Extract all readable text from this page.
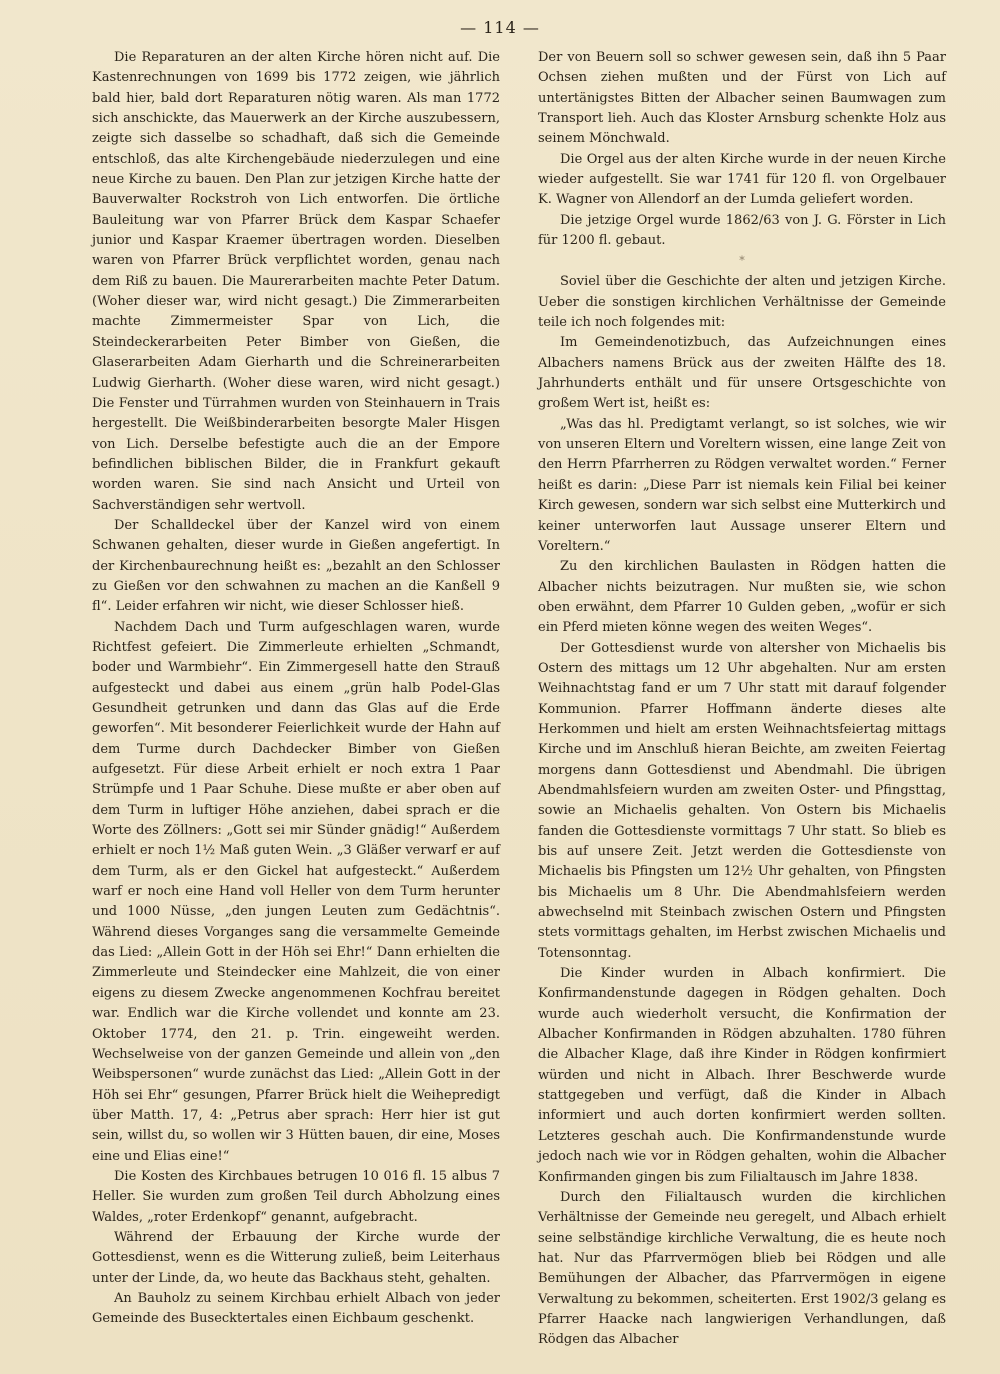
— 114 —

Die Reparaturen an der alten Kirche hören nicht auf. Die Kastenrechnungen von 1699 bis 1772 zeigen, wie jährlich bald hier, bald dort Reparaturen nötig waren. Als man 1772 sich anschickte, das Mauerwerk an der Kirche auszubessern, zeigte sich dasselbe so schadhaft, daß sich die Gemeinde entschloß, das alte Kirchengebäude niederzulegen und eine neue Kirche zu bauen. Den Plan zur jetzigen Kirche hatte der Bauverwalter Rockstroh von Lich entworfen. Die örtliche Bauleitung war von Pfarrer Brück dem Kaspar Schaefer junior und Kaspar Kraemer übertragen worden. Dieselben waren von Pfarrer Brück verpflichtet worden, genau nach dem Riß zu bauen. Die Maurerarbeiten machte Peter Datum. (Woher dieser war, wird nicht gesagt.) Die Zimmerarbeiten machte Zimmermeister Spar von Lich, die Steindeckerarbeiten Peter Bimber von Gießen, die Glaserarbeiten Adam Gierharth und die Schreinerarbeiten Ludwig Gierharth. (Woher diese waren, wird nicht gesagt.) Die Fenster und Türrahmen wurden von Steinhauern in Trais hergestellt. Die Weißbinderarbeiten besorgte Maler Hisgen von Lich. Derselbe befestigte auch die an der Empore befindlichen biblischen Bilder, die in Frankfurt gekauft worden waren. Sie sind nach Ansicht und Urteil von Sachverständigen sehr wertvoll.

Der Schalldeckel über der Kanzel wird von einem Schwanen gehalten, dieser wurde in Gießen angefertigt. In der Kirchenbaurechnung heißt es: „bezahlt an den Schlosser zu Gießen vor den schwahnen zu machen an die Kanßell 9 fl“. Leider erfahren wir nicht, wie dieser Schlosser hieß.

Nachdem Dach und Turm aufgeschlagen waren, wurde Richtfest gefeiert. Die Zimmerleute erhielten „Schmandt, boder und Warmbiehr“. Ein Zimmergesell hatte den Strauß aufgesteckt und dabei aus einem „grün halb Podel-Glas Gesundheit getrunken und dann das Glas auf die Erde geworfen“. Mit besonderer Feierlichkeit wurde der Hahn auf dem Turme durch Dachdecker Bimber von Gießen aufgesetzt. Für diese Arbeit erhielt er noch extra 1 Paar Strümpfe und 1 Paar Schuhe. Diese mußte er aber oben auf dem Turm in luftiger Höhe anziehen, dabei sprach er die Worte des Zöllners: „Gott sei mir Sünder gnädig!“ Außerdem erhielt er noch 1½ Maß guten Wein. „3 Gläßer verwarf er auf dem Turm, als er den Gickel hat aufgesteckt.“ Außerdem warf er noch eine Hand voll Heller von dem Turm herunter und 1000 Nüsse, „den jungen Leuten zum Gedächtnis“. Während dieses Vorganges sang die versammelte Gemeinde das Lied: „Allein Gott in der Höh sei Ehr!“ Dann erhielten die Zimmerleute und Steindecker eine Mahlzeit, die von einer eigens zu diesem Zwecke angenommenen Kochfrau bereitet war. Endlich war die Kirche vollendet und konnte am 23. Oktober 1774, den 21. p. Trin. eingeweiht werden. Wechselweise von der ganzen Gemeinde und allein von „den Weibspersonen“ wurde zunächst das Lied: „Allein Gott in der Höh sei Ehr“ gesungen, Pfarrer Brück hielt die Weihepredigt über Matth. 17, 4: „Petrus aber sprach: Herr hier ist gut sein, willst du, so wollen wir 3 Hütten bauen, dir eine, Moses eine und Elias eine!“

Die Kosten des Kirchbaues betrugen 10 016 fl. 15 albus 7 Heller. Sie wurden zum großen Teil durch Abholzung eines Waldes, „roter Erdenkopf“ genannt, aufgebracht.

Während der Erbauung der Kirche wurde der Gottesdienst, wenn es die Witterung zuließ, beim Leiterhaus unter der Linde, da, wo heute das Backhaus steht, gehalten.

An Bauholz zu seinem Kirchbau erhielt Albach von jeder Gemeinde des Busecktertales einen Eichbaum geschenkt.

Der von Beuern soll so schwer gewesen sein, daß ihn 5 Paar Ochsen ziehen mußten und der Fürst von Lich auf untertänigstes Bitten der Albacher seinen Baumwagen zum Transport lieh. Auch das Kloster Arnsburg schenkte Holz aus seinem Mönchwald.

Die Orgel aus der alten Kirche wurde in der neuen Kirche wieder aufgestellt. Sie war 1741 für 120 fl. von Orgelbauer K. Wagner von Allendorf an der Lumda geliefert worden.

Die jetzige Orgel wurde 1862/63 von J. G. Förster in Lich für 1200 fl. gebaut.

*

Soviel über die Geschichte der alten und jetzigen Kirche. Ueber die sonstigen kirchlichen Verhältnisse der Gemeinde teile ich noch folgendes mit:

Im Gemeindenotizbuch, das Aufzeichnungen eines Albachers namens Brück aus der zweiten Hälfte des 18. Jahrhunderts enthält und für unsere Ortsgeschichte von großem Wert ist, heißt es:

„Was das hl. Predigtamt verlangt, so ist solches, wie wir von unseren Eltern und Voreltern wissen, eine lange Zeit von den Herrn Pfarrherren zu Rödgen verwaltet worden.“ Ferner heißt es darin: „Diese Parr ist niemals kein Filial bei keiner Kirch gewesen, sondern war sich selbst eine Mutterkirch und keiner unterworfen laut Aussage unserer Eltern und Voreltern.“

Zu den kirchlichen Baulasten in Rödgen hatten die Albacher nichts beizutragen. Nur mußten sie, wie schon oben erwähnt, dem Pfarrer 10 Gulden geben, „wofür er sich ein Pferd mieten könne wegen des weiten Weges“.

Der Gottesdienst wurde von altersher von Michaelis bis Ostern des mittags um 12 Uhr abgehalten. Nur am ersten Weihnachtstag fand er um 7 Uhr statt mit darauf folgender Kommunion. Pfarrer Hoffmann änderte dieses alte Herkommen und hielt am ersten Weihnachtsfeiertag mittags Kirche und im Anschluß hieran Beichte, am zweiten Feiertag morgens dann Gottesdienst und Abendmahl. Die übrigen Abendmahlsfeiern wurden am zweiten Oster- und Pfingsttag, sowie an Michaelis gehalten. Von Ostern bis Michaelis fanden die Gottesdienste vormittags 7 Uhr statt. So blieb es bis auf unsere Zeit. Jetzt werden die Gottesdienste von Michaelis bis Pfingsten um 12½ Uhr gehalten, von Pfingsten bis Michaelis um 8 Uhr. Die Abendmahlsfeiern werden abwechselnd mit Steinbach zwischen Ostern und Pfingsten stets vormittags gehalten, im Herbst zwischen Michaelis und Totensonntag.

Die Kinder wurden in Albach konfirmiert. Die Konfirmandenstunde dagegen in Rödgen gehalten. Doch wurde auch wiederholt versucht, die Konfirmation der Albacher Konfirmanden in Rödgen abzuhalten. 1780 führen die Albacher Klage, daß ihre Kinder in Rödgen konfirmiert würden und nicht in Albach. Ihrer Beschwerde wurde stattgegeben und verfügt, daß die Kinder in Albach informiert und auch dorten konfirmiert werden sollten. Letzteres geschah auch. Die Konfirmandenstunde wurde jedoch nach wie vor in Rödgen gehalten, wohin die Albacher Konfirmanden gingen bis zum Filialtausch im Jahre 1838.

Durch den Filialtausch wurden die kirchlichen Verhältnisse der Gemeinde neu geregelt, und Albach erhielt seine selbständige kirchliche Verwaltung, die es heute noch hat. Nur das Pfarrvermögen blieb bei Rödgen und alle Bemühungen der Albacher, das Pfarrvermögen in eigene Verwaltung zu bekommen, scheiterten. Erst 1902/3 gelang es Pfarrer Haacke nach langwierigen Verhandlungen, daß Rödgen das Albacher
